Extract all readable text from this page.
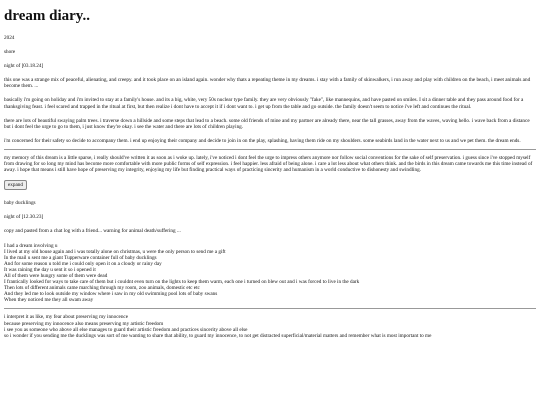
dream diary..

2024

shore

night of [03.18.24]

this one was a strange mix of peaceful, alienating, and creepy. and it took place on an island again. wonder why thats a repeating theme in my dreams. i stay with a family of skinwalkers, i run away and play with children on the beach, i meet animals and become them. ...

basically i'm going on holiday and i'm invited to stay at a family's house. and its a big, white, very 50s nuclear type family. they are very obviously "fake", like mannequins, and have pasted on smiles. I sit a dinner table and they pass around food for a thanksgiving feast. i feel scared and trapped in the ritual at first, but then realize i dont have to accept it if i dont want to. i get up from the table and go outside. the family doesn't seem to notice i've left and continues the ritual.

there are lots of beautiful swaying palm trees. i traverse down a hillside and some steps that lead to a beach. some old friends of mine and my partner are already there, near the tall grasses, away from the waves, waving hello. i wave back from a distance but i dont feel the urge to go to them, i just know they're okay. i see the water and there are lots of children playing.

i'm concerned for their safety so decide to accompany them. i end up enjoying their company and decide to join in on the play, splashing, having them ride on my shoulders. some seabirds land in the water next to us and we pet them. the dream ends.

my memory of this dream is a little sparse, i really should've written it as soon as i woke up. lately, i've noticed i dont feel the urge to impress others anymore nor follow social conventions for the sake of self preservation. i guess since i've stopped myself from drawing for so long my mind has become more comfortable with more public forms of self expression. i feel happier. less afraid of being alone. i care a lot less about what others think. and the birds in this dream came towards me this time instead of away. i hope that means i still have hope of preserving my integrity, enjoying my life but finding practical ways of practicing sincerity and humanism in a world conductive to dishonesty and swindling.

expand

baby ducklings

night of [12.30.23]

copy and pasted from a chat log with a friend... warning for animal death/suffering ...

I had a dream involving u
I lived at my old house again and i was totally alone on christmas, u were the only person to send me a gift
In the mail u sent me a giant Tupperware container full of baby ducklings
And for some reason u told me i could only open it on a cloudy or rainy day
It was raining the day u sent it so i opened it
All of them were hungry some of them were dead
I frantically looked for ways to take care of them but i couldnt even turn on the lights to keep them warm, each one i turned on blew out and i was forced to live in the dark
Then lots of different animals came marching through my room, zoo animals, domestic etc etc
And they led me to look outside my window where i saw in my old swimming pool lots of baby swans
When they noticed me they all swam away
i interpret it as like, my fear about preserving my innocence
because preserving my innocence also means preserving my artistic freedom
i see you as someone who above all else manages to guard their artistic freedom and practices sincerity above all else
so i wonder if you sending me the ducklings was sort of me wanting to share that ability, to guard my innocence, to not get distracted superficial/material matters and remember what is most important to me
